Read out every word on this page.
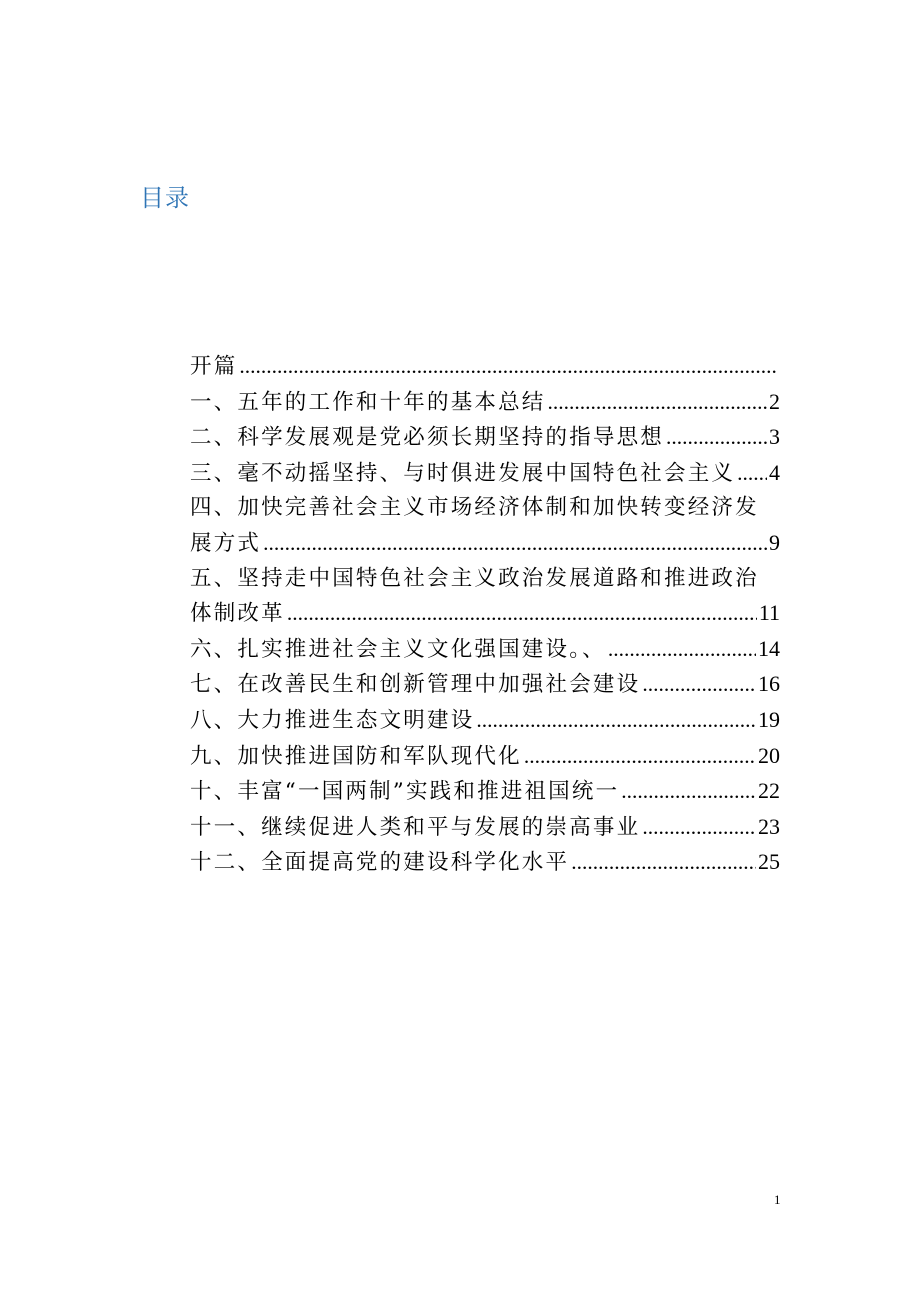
目录
开篇
.....
一、五年的工作和十年的基本总结 .....	2
二、科学发展观是党必须长期坚持的指导思想 .....	3
三、毫不动摇坚持、与时俱进发展中国特色社会主义 ..... 4
四、加快完善社会主义市场经济体制和加快转变经济发
展方式 .....	9
五、坚持走中国特色社会主义政治发展道路和推进政治
体制改革 .....	11
六、扎实推进社会主义文化强国建设。、 .....	14
七、在改善民生和创新管理中加强社会建设 .....	16
八、大力推进生态文明建设 .....	19
九、加快推进国防和军队现代化 .....	20
十、丰富“一国两制”实践和推进祖国统一 .....	22
十一、继续促进人类和平与发展的崇高事业 .....	23
十二、全面提高党的建设科学化水平 .....	25
1
